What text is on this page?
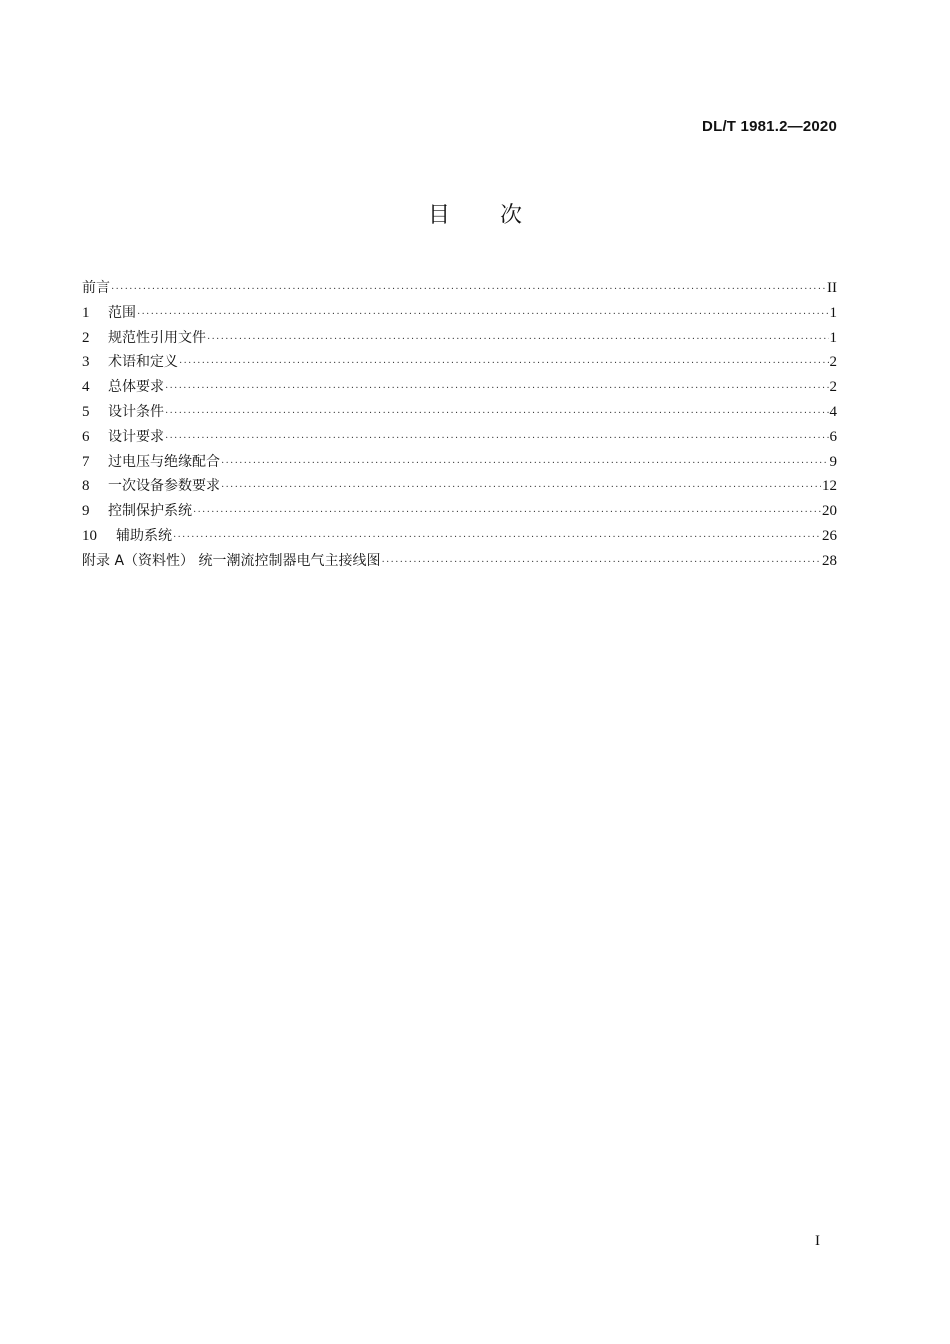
DL/T 1981.2—2020
目 次
前言 ·····	II
1	范围 ·····	1
2	规范性引用文件 ·····	1
3	术语和定义 ·····	2
4	总体要求 ·····	2
5	设计条件 ·····	4
6	设计要求 ·····	6
7	过电压与绝缘配合 ·····	9
8	一次设备参数要求 ·····	12
9	控制保护系统 ·····	20
10	辅助系统 ·····	26
附录 A（资料性） 统一潮流控制器电气主接线图 ·····	28
I
